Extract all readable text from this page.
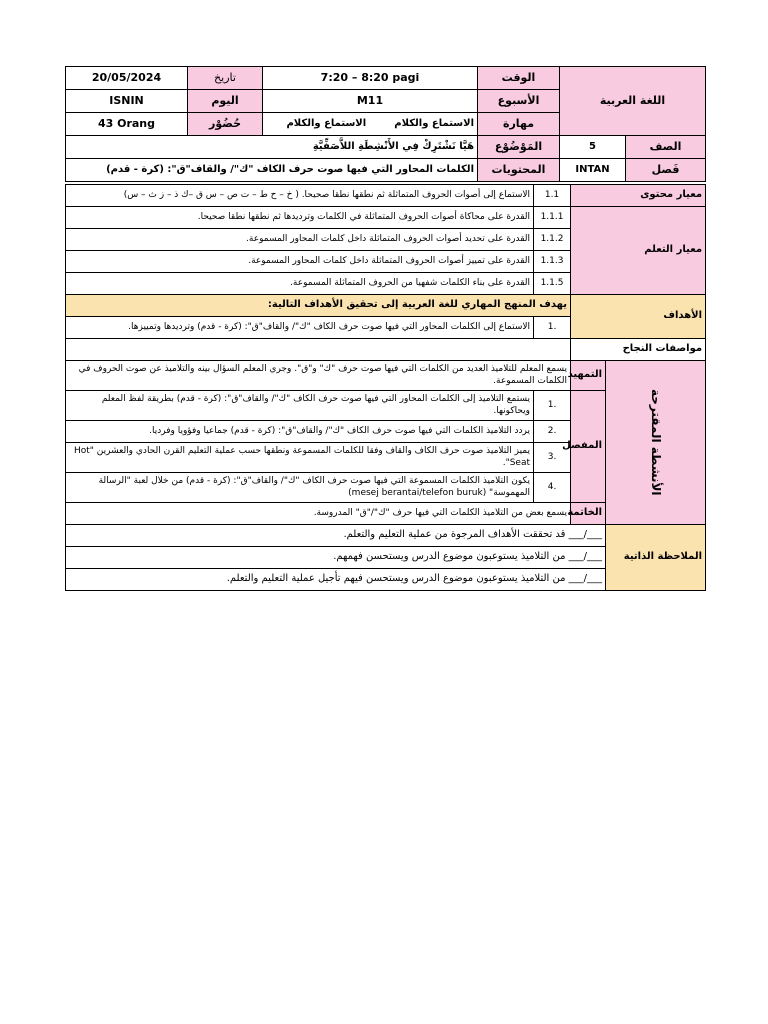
20/05/2024	تاريخ	7:20 – 8:20 pagi	الوقت	اللغة العربية	
ISNIN	اليوم	M11	الأسبوع		
43 Orang	حُضُوْر	الاستماع والكلامالاستماع والكلام	مهارة		
هَيَّا نَشْتَرِكْ فِي الأَنْشِطَةِ اللاَّصَفِّيَّةِ			المَوْضُوْع	5	الصف
الكلمات المحاور التي فيها صوت حرف الكاف "ك"/ والقاف"ق": (كرة - قدم)			المحتويات	INTAN	فَصل
الاستماع إلى أصوات الحروف المتماثلة ثم نطقها نطقا صحيحا. ( خ – ح ط – ت ص – س ق –ك ذ – ز ث – س)	1.1	معيار محتوى	
القدرة على محاكاة أصوات الحروف المتماثلة في الكلمات وترديدها ثم نطقها نطقا صحيحا.	1.1.1	معيار التعلم	
القدرة على تحديد أصوات الحروف المتماثلة داخل كلمات المحاور المسموعة.	1.1.2		
القدرة على تمييز أصوات الحروف المتماثلة داخل كلمات المحاور المسموعة.	1.1.3		
القدرة على بناء الكلمات شفهيا من الحروف المتماثلة المسموعة.	1.1.5		
يهدف المنهج المهاري للغة العربية إلى تحقيق الأهداف التالية:		الأهداف	
الاستماع إلى الكلمات المحاور التي فيها صوت حرف الكاف "ك"/ والقاف"ق": (كرة - قدم) وترديدها وتمييزها.	1.		
		مواصفات النجاح	
يسمع المعلم للتلاميذ العديد من الكلمات التي فيها صوت حرف "ك" و"ق". وجري المعلم السؤال بينه والتلاميذ عن صوت الحروف في الكلمات المسموعة.		التمهيد	الأنشطة المقترحة

يستمع التلاميذ إلى الكلمات المحاور التي فيها صوت حرف الكاف "ك"/ والقاف"ق": (كرة - قدم) بطريقة لفظ المعلم ويحاكونها.	1.	المفصل	
يردد التلاميذ الكلمات التي فيها صوت حرف الكاف "ك"/ والقاف"ق": (كرة - قدم) جماعيا وفؤويا وفرديا.	2.		
يميز التلاميذ صوت حرف الكاف والقاف وفقا للكلمات المسموعة ونطقها حسب عملية التعليم القرن الحادي والعشرين "Hot Seat".	3.		
يكون التلاميذ الكلمات المسموعة التي فيها صوت حرف الكاف "ك"/ والقاف"ق": (كرة - قدم) من خلال لعبة "الرسالة المهموسة" (mesej berantai/telefon buruk)	4.		
يسمع بعض من التلاميذ الكلمات التي فيها حرف "ك"/"ق" المدروسة.		الخاتمة	
___/___ قد تحققت الأهداف المرجوة من عملية التعليم والتعلم.			الملاحظة الذاتية
___/___ من التلاميذ يستوعبون موضوع الدرس ويستحسن فهمهم.			
___/___ من التلاميذ يستوعبون موضوع الدرس ويستحسن فيهم تأجيل عملية التعليم والتعلم.			
